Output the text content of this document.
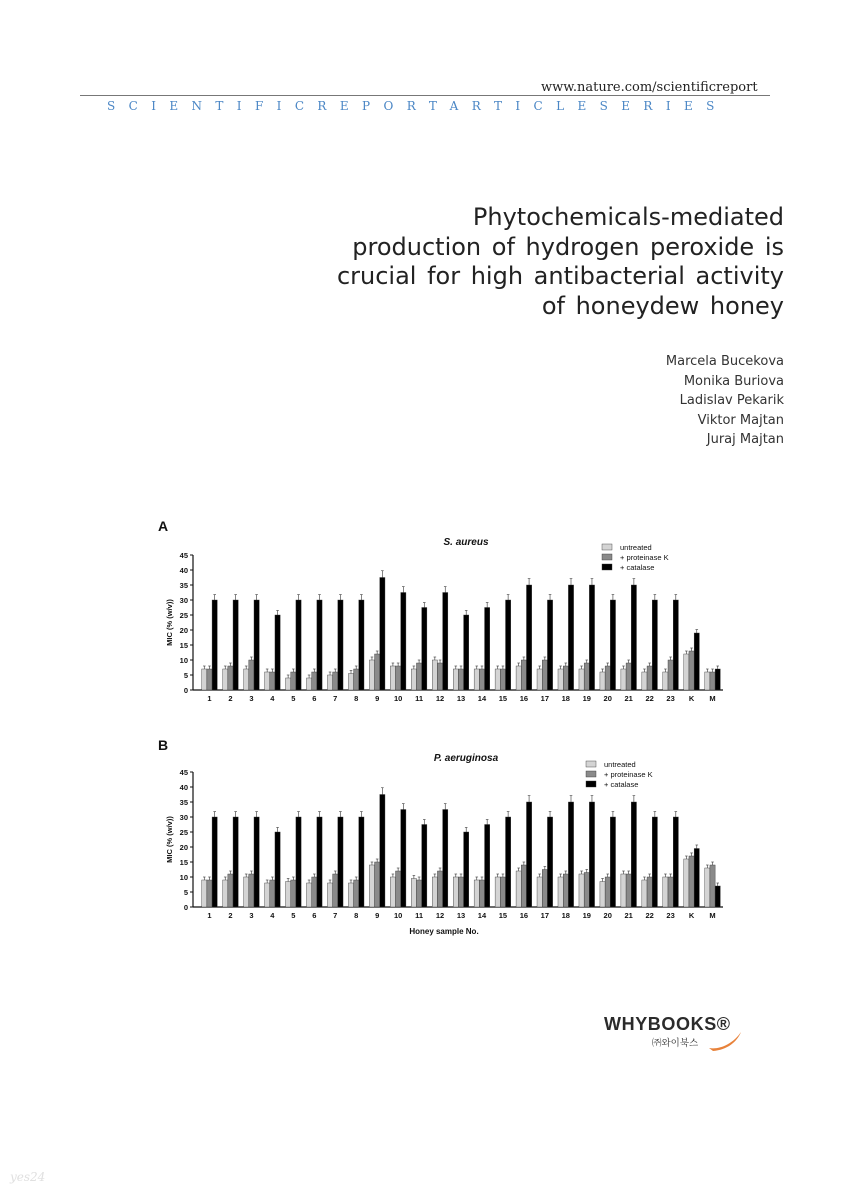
www.nature.com/scientificreport
SCIENTIFICREPORTARTICLESERIES
Phytochemicals-mediated
production of hydrogen peroxide is
crucial for high antibacterial activity
of honeydew honey
Marcela Bucekova
Monika Buriova
Ladislav Pekarik
Viktor Majtan
Juraj Majtan
A
S. aureus
0
5
10
15
20
25
30
35
40
45
MIC (% (w/v))
1 2 3 4 5 6 7 8 9 10 11 12 13 14 15 16 17 18 19 20 21 22 23 K M
untreated
+ proteinase K
+ catalase
B
P. aeruginosa
0
5
10
15
20
25
30
35
40
45
MIC (% (w/v))
1 2 3 4 5 6 7 8 9 10 11 12 13 14 15 16 17 18 19 20 21 22 23 K M
Honey sample No.
untreated
+ proteinase K
+ catalase
WHYBOOKS®
㈜와이북스
yes24
